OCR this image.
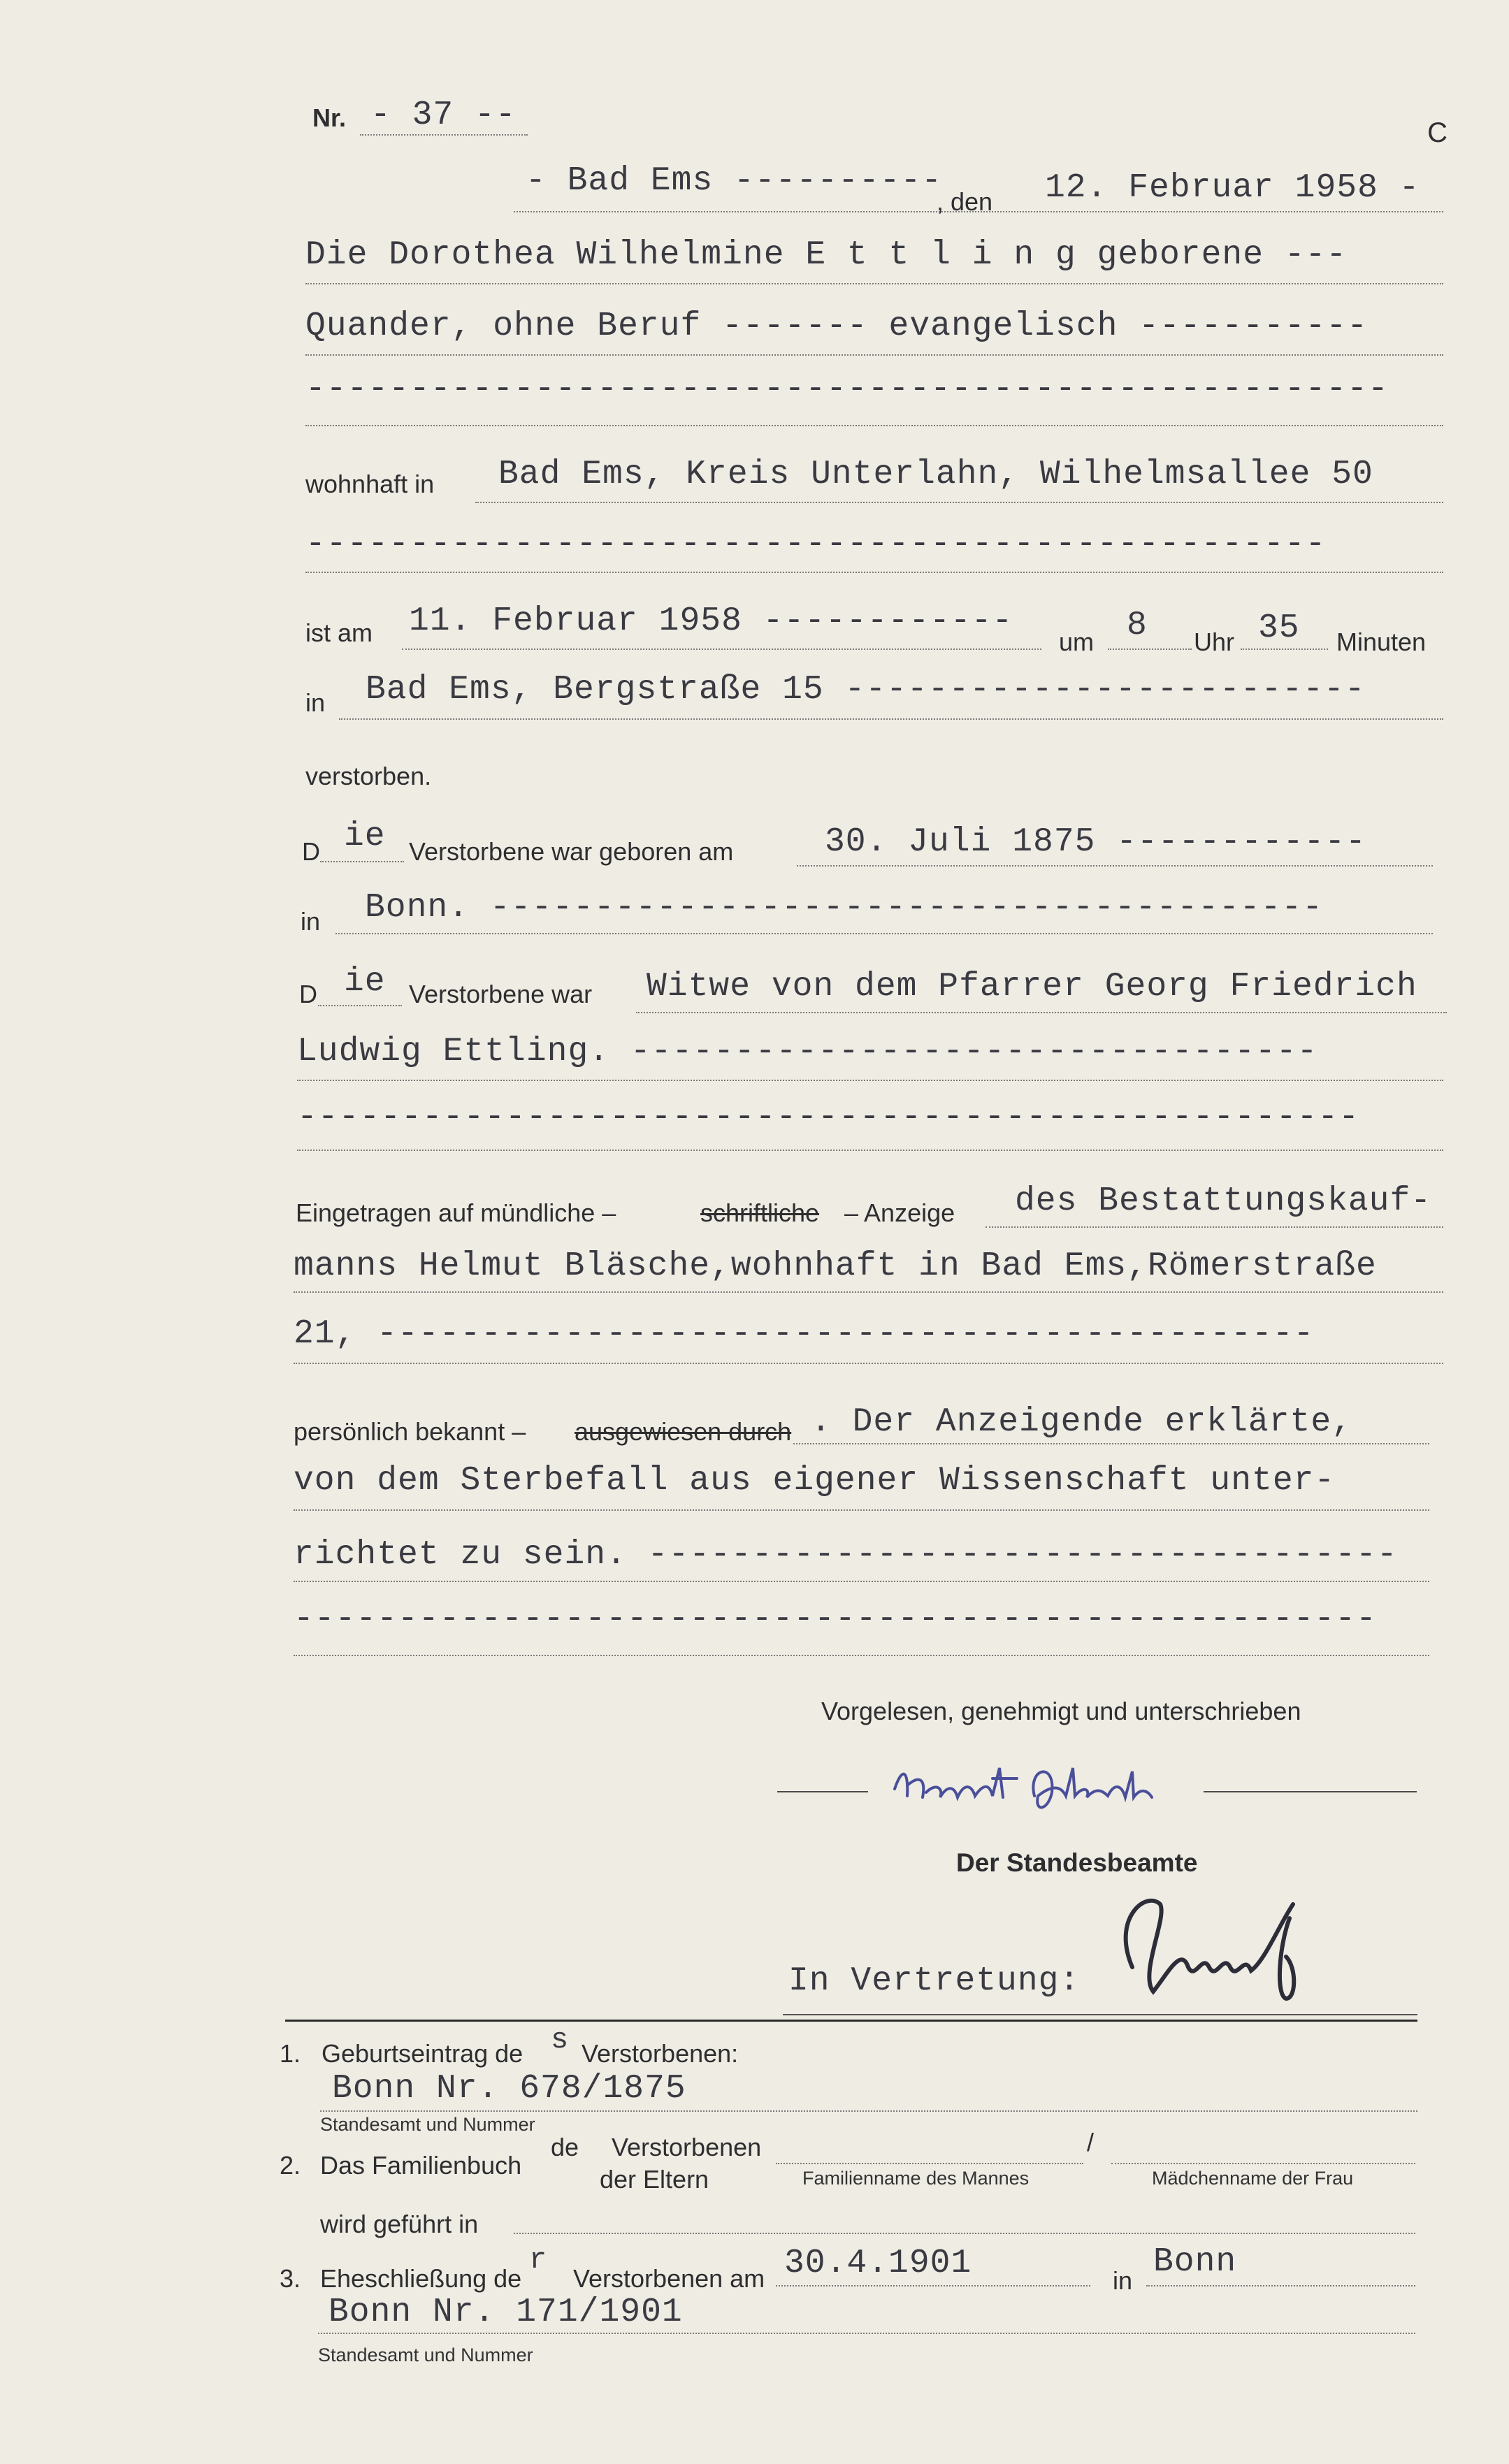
C
Nr. - 37 --
- Bad Ems ----------
, den 12. Februar 1958 -
Die Dorothea Wilhelmine E t t l i n g geborene ---
Quander, ohne Beruf ------- evangelisch -----------
----------------------------------------------------
wohnhaft in Bad Ems, Kreis Unterlahn, Wilhelmsallee 50
-------------------------------------------------
ist am 11. Februar 1958 ------------
um 8 Uhr 35 Minuten
in Bad Ems, Bergstraße 15 -------------------------
verstorben.
D ie Verstorbene war geboren am	30. Juli 1875 ------------
in Bonn. ----------------------------------------
D ie Verstorbene war Witwe von dem Pfarrer Georg Friedrich
Ludwig Ettling. ---------------------------------
---------------------------------------------------
Eingetragen auf mündliche –	schriftliche – Anzeige des Bestattungskauf-
manns Helmut Bläsche,wohnhaft in Bad Ems,Römerstraße
21, ---------------------------------------------
persönlich bekannt – ausgewiesen durch . Der Anzeigende erklärte,
von dem Sterbefall aus eigener Wissenschaft unter-
richtet zu sein. ------------------------------------
----------------------------------------------------
Vorgelesen, genehmigt und unterschrieben
Der Standesbeamte
In Vertretung:
1. Geburtseintrag de s Verstorbenen:
Bonn Nr. 678/1875
Standesamt und Nummer
2. Das Familienbuch
de Verstorbenen
der Eltern
/
Familienname des Mannes	Mädchenname der Frau
wird geführt in
3. Eheschließung de
r
Verstorbenen am 30.4.1901	in Bonn
Bonn Nr. 171/1901
Standesamt und Nummer
